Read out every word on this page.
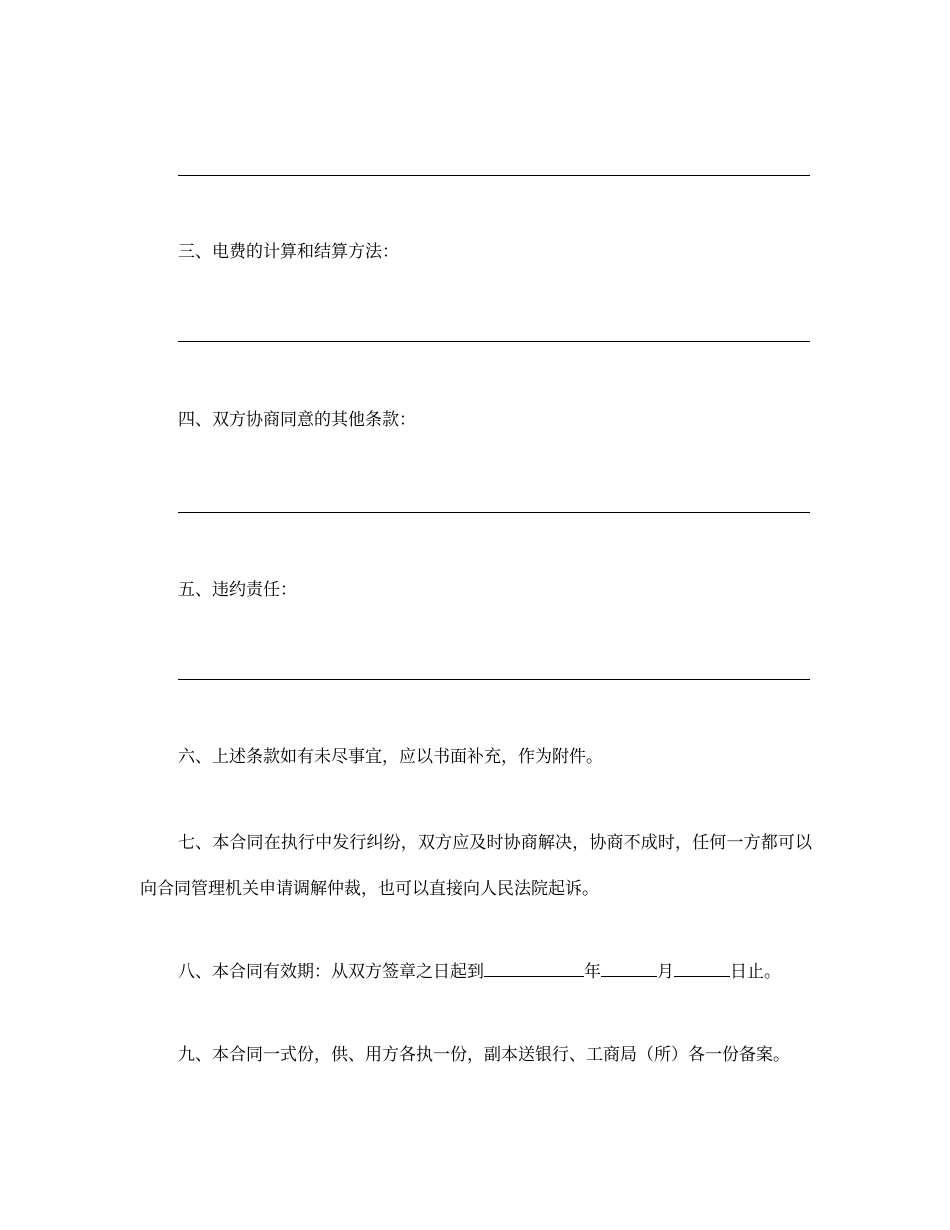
三、电费的计算和结算方法：
四、双方协商同意的其他条款：
五、违约责任：
六、上述条款如有未尽事宜，应以书面补充，作为附件。
七、本合同在执行中发行纠纷，双方应及时协商解决，协商不成时，任何一方都可以向合同管理机关申请调解仲裁，也可以直接向人民法院起诉。
八、本合同有效期：从双方签章之日起到	年	月	日止。
九、本合同一式份，供、用方各执一份，副本送银行、工商局（所）各一份备案。
